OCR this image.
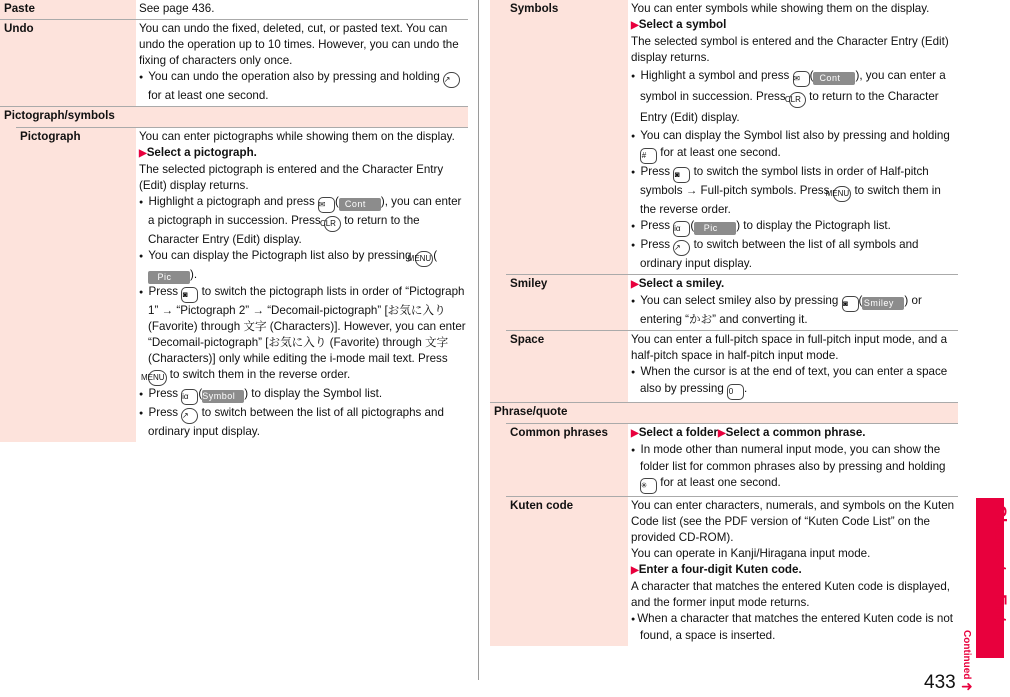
Paste	See page 436.

Undo	You can undo the fixed, deleted, cut, or pasted text. You can undo the operation up to 10 times. However, you can undo the fixing of characters only once.

● You can undo the operation also by pressing and holding ↗ for at least one second.

Pictograph/symbols
Pictograph	You can enter pictographs while showing them on the display.

▶Select a pictograph.

The selected pictograph is entered and the Character Entry (Edit) display returns.

● Highlight a pictograph and press ✉ ( Cont ), you can enter a pictograph in succession. Press CLR to return to the Character Entry (Edit) display.

● You can display the Pictograph list also by pressing MENU (Pic ).

● Press ◙ to switch the pictograph lists in order of “Pictograph 1” → “Pictograph 2” → “Decomail-pictograph” [お気に入り (Favorite) through 文字 (Characters)]. However, you can enter “Decomail-pictograph” [お気に入り (Favorite) through 文字 (Characters)] only while editing the i-mode mail text. Press MENU to switch them in the reverse order.

● Press iα (Symbol ) to display the Symbol list.

● Press ↗ to switch between the list of all pictographs and ordinary input display.

Symbols	You can enter symbols while showing them on the display.

▶Select a symbol

The selected symbol is entered and the Character Entry (Edit) display returns.

● Highlight a symbol and press ✉ ( Cont ), you can enter a symbol in succession. Press CLR to return to the Character Entry (Edit) display.

● You can display the Symbol list also by pressing and holding # for at least one second.

● Press ◙ to switch the symbol lists in order of Half-pitch symbols → Full-pitch symbols. Press MENU to switch them in the reverse order.

● Press iα ( Pic ) to display the Pictograph list.

● Press ↗ to switch between the list of all symbols and ordinary input display.

Smiley	▶Select a smiley.

● You can select smiley also by pressing ◙ (Smiley ) or entering “かお” and converting it.

Space	You can enter a full-pitch space in full-pitch input mode, and a half-pitch space in half-pitch input mode.

● When the cursor is at the end of text, you can enter a space also by pressing 0 .

Phrase/quote
Common phrases	▶Select a folder▶Select a common phrase.

● In mode other than numeral input mode, you can show the folder list for common phrases also by pressing and holding ✳ for at least one second.

Kuten code	You can enter characters, numerals, and symbols on the Kuten Code list (see the PDF version of “Kuten Code List” on the provided CD-ROM).

You can operate in Kanji/Hiragana input mode.

▶Enter a four-digit Kuten code.

A character that matches the entered Kuten code is displayed, and the former input mode returns.

● When a character that matches the entered Kuten code is not found, a space is inserted.	Character Entry
Continued
433 ➜
